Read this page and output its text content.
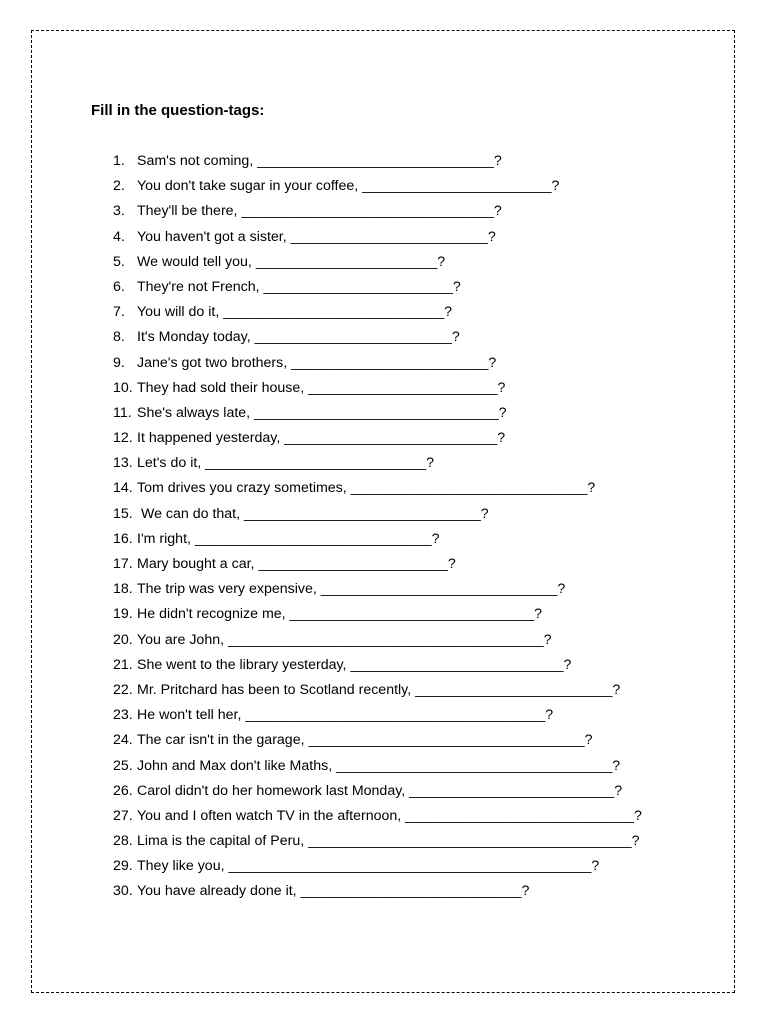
Fill in the question-tags:
1. Sam's not coming, ______________________________?
2. You don't take sugar in your coffee, ________________________?
3. They'll be there, ________________________________?
4. You haven't got a sister, _________________________?
5. We would tell you, _______________________?
6. They're not French, ________________________?
7. You will do it, ____________________________?
8. It's Monday today, _________________________?
9. Jane's got two brothers, _________________________?
10. They had sold their house, ________________________?
11. She's always late, _______________________________?
12. It happened yesterday, ___________________________?
13. Let's do it, ____________________________?
14. Tom drives you crazy sometimes, ______________________________?
15. We can do that, ______________________________?
16. I'm right, ______________________________?
17. Mary bought a car, ________________________?
18. The trip was very expensive, ______________________________?
19. He didn't recognize me, _______________________________?
20. You are John, ________________________________________?
21. She went to the library yesterday, ___________________________?
22. Mr. Pritchard has been to Scotland recently, _________________________?
23. He won't tell her, ______________________________________?
24. The car isn't in the garage, ___________________________________?
25. John and Max don't like Maths, ___________________________________?
26. Carol didn't do her homework last Monday, __________________________?
27. You and I often watch TV in the afternoon, _____________________________?
28. Lima is the capital of Peru, _________________________________________?
29. They like you, ______________________________________________?
30. You have already done it, ____________________________?
